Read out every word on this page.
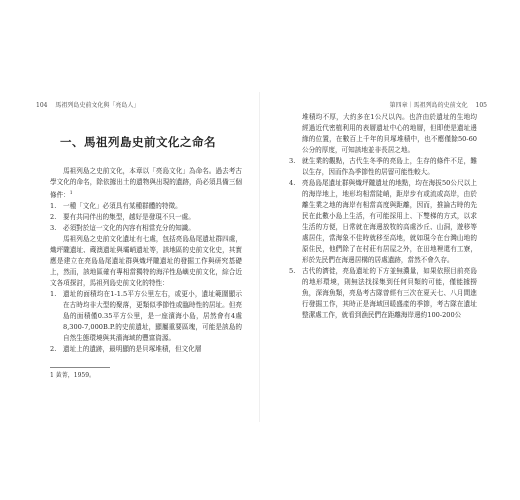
104 馬祖列島史前文化與「亮島人」	第四章｜馬祖列島的史前文化 105
一、馬祖列島史前文化之命名

馬祖列島之史前文化，本章以「亮島文化」為命名。過去考古學文化的命名，除依據出土的遺物與出現的遺跡，尚必須具備三個條件：$^1$

1. 一種「文化」必須具有某種群體的特徵。
2. 要有共同伴出的集型，越好是發現不只一處。
3. 必須對於這一文化的內容有相當充分的知識。

馬祖列島之史前文化遺址有七處，包括亮島島尾遺址群四處，熾坪隴遺址、蔵澳遺址與壩峭遺址等，該地區的史前文化史，其實應是建立在亮島島尾遺址群與熾坪隴遺址的發掘工作與研究基礎上，然而，該地區確有專相當獨特的海洋性島嶼史前文化，綜合近文各項探討，馬祖列島史前文化的特性：

1. 遺址的面積均在1-1.5平方公里左右，或更小，遺址範圍顯示在古時均非大型的聚落，更類似季節性或臨時性的居址。但亮島的面積僅0.35平方公里，是一座濱海小島，居然會有4處8,300-7,000B.P.的史前遺址，顯屬重要區塊，可能是該島的自然生態環境與其濱海域的豐富資源。
2. 遺址上的遺跡，最明顯的是貝塚堆積，但文化層
1 黃菁，1959。

堆積均不厚，大約多在1公尺以內。也許由於遺址的生地均經過近代密植利用的表層遺址中心的地層，但即使是遺址邊緣的位置，在數百上千年的貝塚堆積中，也不應僅餘50-60公分的厚度，可知該地並非長居之地。

3. 就生業的觀點，古代生冬季的亮島上，生存的條件不足，難以生存，因而作為季節性的居留可能性較大。
4. 亮島島尾遺址群與熾坪隴遺址的地點，均在海拔50公尺以上的海岸地上，地形均相當陡峭，距岸步有或流或高岸，由於離生業之地的海岸有相當高度與距離，因而，推論古時的先民在此數小島上生活，有可能採用上、下雙梯的方式，以求生活的方便，日常就在海邊放牧的高處沙丘、山洞，遊移等處居住，當海象不佳時就移至高地，就如現今在台灣山地的原住民，他們除了在村莊有居屋之外，在田地裡還有工寮，形於先民們在海邊居構的居處遺跡，當然不會久存。
5. 古代的濟徙，亮島遺址的下方並無濃量，如果依照目前亮島的地形環境，則無法找採集到任何貝類的可能，僅能據撈魚，深海魚類，亮島考古隊曾經有三次在夏天七、八月間進行發掘工作，其時正是海域回暖盛產的季節，考古隊在遺址整潔處工作，就看到漁民們在距離海岸邊約100-200公
